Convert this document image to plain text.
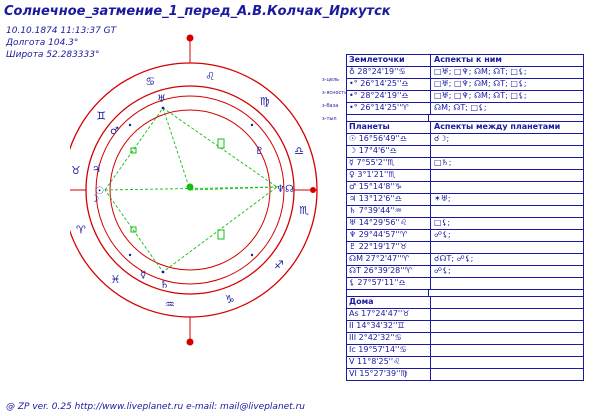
Солнечное_затмение_1_перед_А.В.Колчак_Иркутск
10.10.1874 11:13:37 GT
Долгота 104.3°
Широта 52.283333°
з-цель
з-ясность
з-база
з-тыл
♈
♉
♊
♋	♌
♍
♎
♏
♐
♑
♒
♓
☉
☽
♃
♂
♅
♆ ☊
♄
☿
♇
Землеточки	Аспекты к ним
♁ 28°24'19''♋	□♅; □♆; ☊M; ☊T; □⚸;
•° 26°14'25''♎	□♅; □♆; ☊M; ☊T; □⚸;
•° 28°24'19''♎	□♅; □♆; ☊M; ☊T; □⚸;
•° 26°14'25''♈	☊M; ☊T; □⚸;
Планеты	Аспекты между планетами
☉ 16°56'49''♎	☌☽;
☽ 17°4'6''♎
☿ 7°55'2''♏	□♄;
♀ 3°1'21''♏
♂ 15°14'8''♑
♃ 13°12'6''♎	✶♅;
♄ 7°39'44''♒
♅ 14°29'56''♌	□⚸;
♆ 29°44'57''♈	☍⚸;
♇ 22°19'17''♉
☊M 27°2'47''♈	☌☊T; ☍⚸;
☊T 26°39'28''♈	☍⚸;
⚸ 27°57'11''♎
Дома
As 17°24'47''♉
II 14°34'32''♊
III 2°42'32''♋
Ic 19°57'14''♋
V 11°8'25''♌
VI 15°27'39''♍
@ ZP ver. 0.25 http://www.liveplanet.ru e-mail: mail@liveplanet.ru
